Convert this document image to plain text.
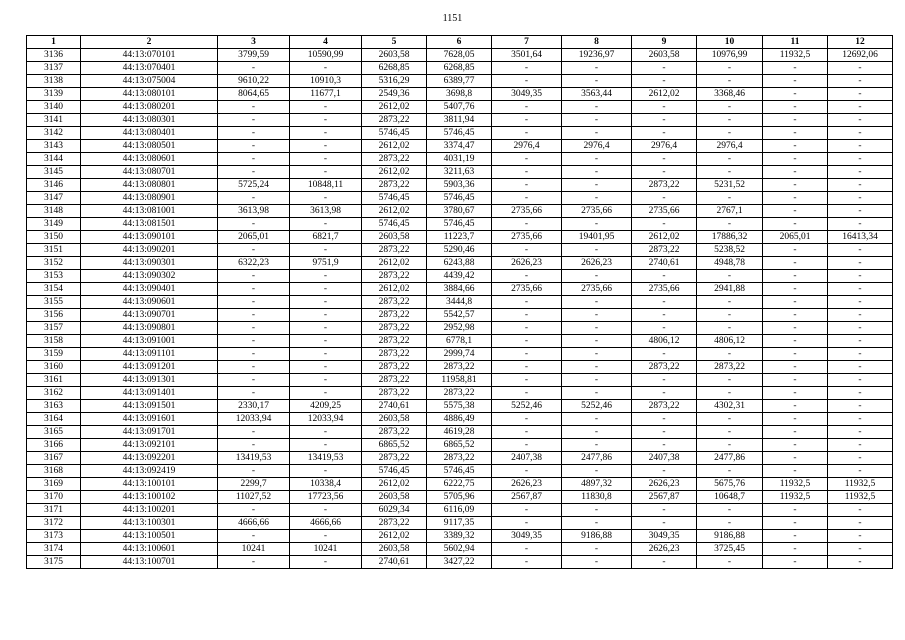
1151
1	2	3	4	5	6	7	8	9	10	11	12
3136	44:13:070101	3799,59	10590,99	2603,58	7628,05	3501,64	19236,97	2603,58	10976,99	11932,5	12692,06
3137	44:13:070401	-	-	6268,85	6268,85	-	-	-	-	-	-
3138	44:13:075004	9610,22	10910,3	5316,29	6389,77	-	-	-	-	-	-
3139	44:13:080101	8064,65	11677,1	2549,36	3698,8	3049,35	3563,44	2612,02	3368,46	-	-
3140	44:13:080201	-	-	2612,02	5407,76	-	-	-	-	-	-
3141	44:13:080301	-	-	2873,22	3811,94	-	-	-	-	-	-
3142	44:13:080401	-	-	5746,45	5746,45	-	-	-	-	-	-
3143	44:13:080501	-	-	2612,02	3374,47	2976,4	2976,4	2976,4	2976,4	-	-
3144	44:13:080601	-	-	2873,22	4031,19	-	-	-	-	-	-
3145	44:13:080701	-	-	2612,02	3211,63	-	-	-	-	-	-
3146	44:13:080801	5725,24	10848,11	2873,22	5903,36	-	-	2873,22	5231,52	-	-
3147	44:13:080901	-	-	5746,45	5746,45	-	-	-	-	-	-
3148	44:13:081001	3613,98	3613,98	2612,02	3780,67	2735,66	2735,66	2735,66	2767,1	-	-
3149	44:13:081501	-	-	5746,45	5746,45	-	-	-	-	-	-
3150	44:13:090101	2065,01	6821,7	2603,58	11223,7	2735,66	19401,95	2612,02	17886,32	2065,01	16413,34
3151	44:13:090201	-	-	2873,22	5290,46	-	-	2873,22	5238,52	-	-
3152	44:13:090301	6322,23	9751,9	2612,02	6243,88	2626,23	2626,23	2740,61	4948,78	-	-
3153	44:13:090302	-	-	2873,22	4439,42	-	-	-	-	-	-
3154	44:13:090401	-	-	2612,02	3884,66	2735,66	2735,66	2735,66	2941,88	-	-
3155	44:13:090601	-	-	2873,22	3444,8	-	-	-	-	-	-
3156	44:13:090701	-	-	2873,22	5542,57	-	-	-	-	-	-
3157	44:13:090801	-	-	2873,22	2952,98	-	-	-	-	-	-
3158	44:13:091001	-	-	2873,22	6778,1	-	-	4806,12	4806,12	-	-
3159	44:13:091101	-	-	2873,22	2999,74	-	-	-	-	-	-
3160	44:13:091201	-	-	2873,22	2873,22	-	-	2873,22	2873,22	-	-
3161	44:13:091301	-	-	2873,22	11958,81	-	-	-	-	-	-
3162	44:13:091401	-	-	2873,22	2873,22	-	-	-	-	-	-
3163	44:13:091501	2330,17	4209,25	2740,61	5575,38	5252,46	5252,46	2873,22	4302,31	-	-
3164	44:13:091601	12033,94	12033,94	2603,58	4886,49	-	-	-	-	-	-
3165	44:13:091701	-	-	2873,22	4619,28	-	-	-	-	-	-
3166	44:13:092101	-	-	6865,52	6865,52	-	-	-	-	-	-
3167	44:13:092201	13419,53	13419,53	2873,22	2873,22	2407,38	2477,86	2407,38	2477,86	-	-
3168	44:13:092419	-	-	5746,45	5746,45	-	-	-	-	-	-
3169	44:13:100101	2299,7	10338,4	2612,02	6222,75	2626,23	4897,32	2626,23	5675,76	11932,5	11932,5
3170	44:13:100102	11027,52	17723,56	2603,58	5705,96	2567,87	11830,8	2567,87	10648,7	11932,5	11932,5
3171	44:13:100201	-	-	6029,34	6116,09	-	-	-	-	-	-
3172	44:13:100301	4666,66	4666,66	2873,22	9117,35	-	-	-	-	-	-
3173	44:13:100501	-	-	2612,02	3389,32	3049,35	9186,88	3049,35	9186,88	-	-
3174	44:13:100601	10241	10241	2603,58	5602,94	-	-	2626,23	3725,45	-	-
3175	44:13:100701	-	-	2740,61	3427,22	-	-	-	-	-	-
